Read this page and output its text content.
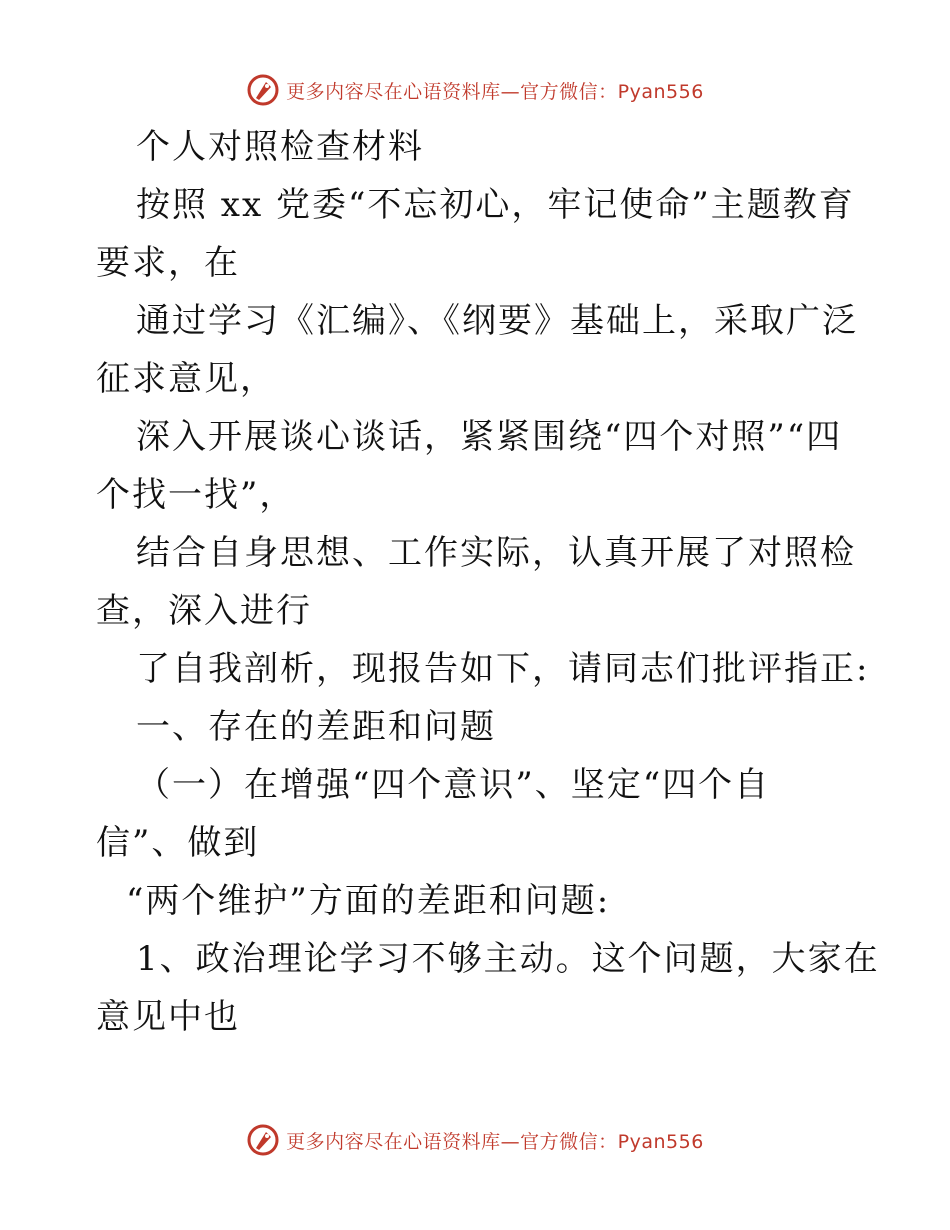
更多内容尽在心语资料库—官方微信：Pyan556
个人对照检查材料
按照 xx 党委“不忘初心，牢记使命”主题教育
要求，在
通过学习《汇编》、《纲要》基础上，采取广泛
征求意见，
深入开展谈心谈话，紧紧围绕“四个对照”“四
个找一找”，
结合自身思想、工作实际，认真开展了对照检
查，深入进行
了自我剖析，现报告如下，请同志们批评指正:
一、存在的差距和问题
（一）在增强“四个意识”、坚定“四个自
信”、做到
“两个维护”方面的差距和问题:
1、政治理论学习不够主动。这个问题，大家在
意见中也
更多内容尽在心语资料库—官方微信：Pyan556
